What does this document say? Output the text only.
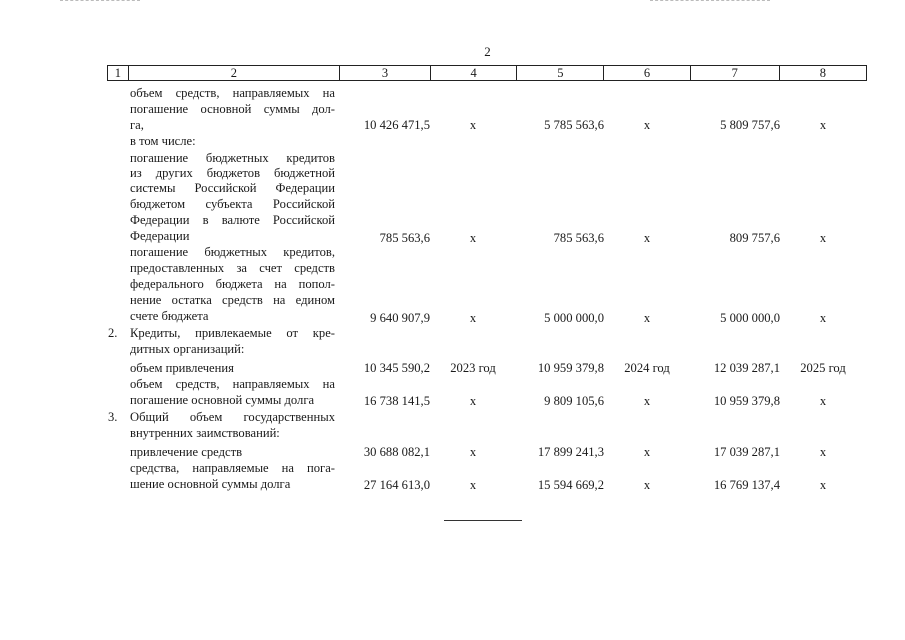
2
1	2	3	4	5	6	7	8
объем средств, направляемых на
погашение основной суммы дол-
га,	10 426 471,5	х	5 785 563,6	х	5 809 757,6	х
в том числе:
погашение бюджетных кредитов
из других бюджетов бюджетной
системы Российской Федерации
бюджетом субъекта Российской
Федерации в валюте Российской
Федерации	785 563,6	х	785 563,6	х	809 757,6	х
погашение бюджетных кредитов,
предоставленных за счет средств
федерального бюджета на попол-
нение остатка средств на едином
счете бюджета	9 640 907,9	х	5 000 000,0	х	5 000 000,0	х
2. Кредиты, привлекаемые от кре-
дитных организаций:
объем привлечения	10 345 590,2	2023 год	10 959 379,8	2024 год	12 039 287,1	2025 год
объем средств, направляемых на
погашение основной суммы долга	16 738 141,5	х	9 809 105,6	х	10 959 379,8	х
3. Общий объем государственных
внутренних заимствований:
привлечение средств	30 688 082,1	х	17 899 241,3	х	17 039 287,1	х
средства, направляемые на пога-
шение основной суммы долга	27 164 613,0	х	15 594 669,2	х	16 769 137,4	х
